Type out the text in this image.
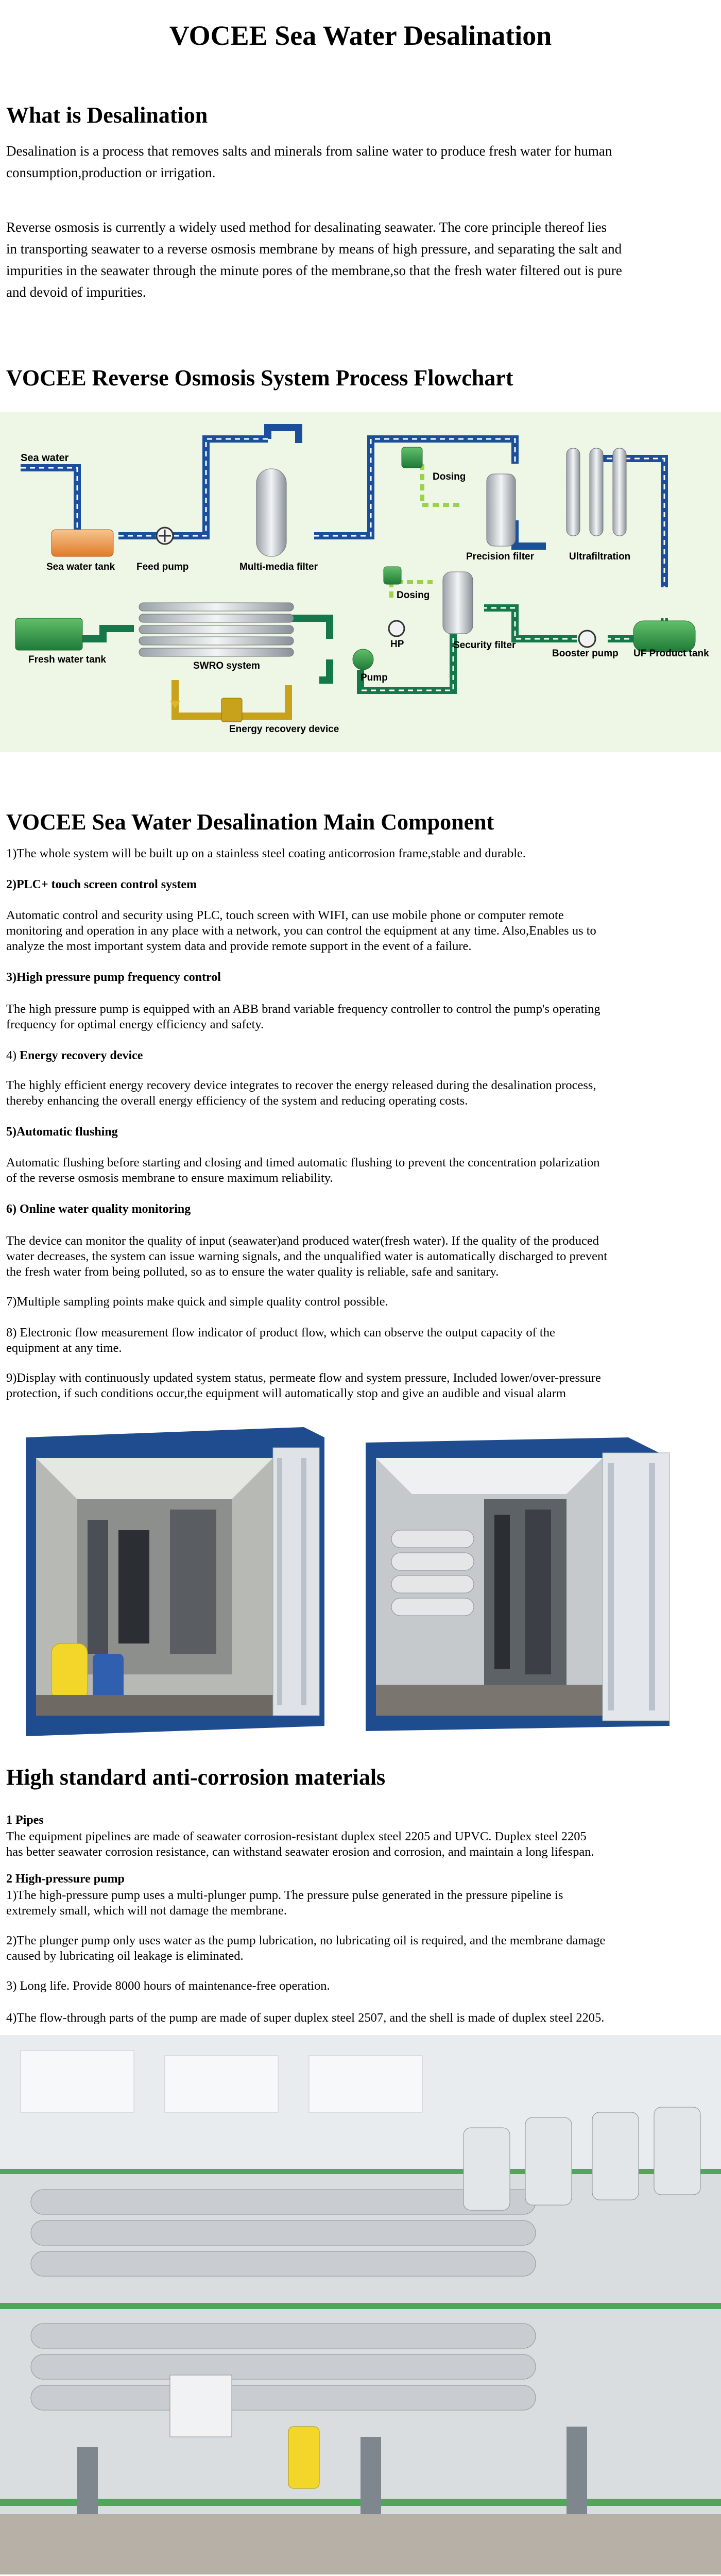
VOCEE Sea Water Desalination
What is Desalination

Desalination is a process that removes salts and minerals from saline water to produce fresh water for human
consumption,production or irrigation.

Reverse osmosis is currently a widely used method for desalinating seawater. The core principle thereof lies
in transporting seawater to a reverse osmosis membrane by means of high pressure, and separating the salt and
impurities in the seawater through the minute pores of the membrane,so that the fresh water filtered out is pure
and devoid of impurities.

VOCEE Reverse Osmosis System Process Flowchart
Sea water
Sea water tank Feed pump	Multi-media filter
Dosing
Precision filter	Ultrafiltration
Fresh water tank
SWRO system
Dosing
HP
Pump
Security filter
Booster pump UF Product tank
Energy recovery device
VOCEE Sea Water Desalination Main Component

1)The whole system will be built up on a stainless steel coating anticorrosion frame,stable and durable.

2)PLC+ touch screen control system

Automatic control and security using PLC, touch screen with WIFI, can use mobile phone or computer remote
monitoring and operation in any place with a network, you can control the equipment at any time. Also,Enables us to
analyze the most important system data and provide remote support in the event of a failure.

3)High pressure pump frequency control

The high pressure pump is equipped with an ABB brand variable frequency controller to control the pump's operating
frequency for optimal energy efficiency and safety.

4) Energy recovery device

The highly efficient energy recovery device integrates to recover the energy released during the desalination process,
thereby enhancing the overall energy efficiency of the system and reducing operating costs.

5)Automatic flushing

Automatic flushing before starting and closing and timed automatic flushing to prevent the concentration polarization
of the reverse osmosis membrane to ensure maximum reliability.

6) Online water quality monitoring

The device can monitor the quality of input (seawater)and produced water(fresh water). If the quality of the produced
water decreases, the system can issue warning signals, and the unqualified water is automatically discharged to prevent
the fresh water from being polluted, so as to ensure the water quality is reliable, safe and sanitary.

7)Multiple sampling points make quick and simple quality control possible.

8) Electronic flow measurement flow indicator of product flow, which can observe the output capacity of the
equipment at any time.

9)Display with continuously updated system status, permeate flow and system pressure, Included lower/over-pressure
protection, if such conditions occur,the equipment will automatically stop and give an audible and visual alarm

High standard anti-corrosion materials

1 Pipes

The equipment pipelines are made of seawater corrosion-resistant duplex steel 2205 and UPVC. Duplex steel 2205
has better seawater corrosion resistance, can withstand seawater erosion and corrosion, and maintain a long lifespan.

2 High-pressure pump

1)The high-pressure pump uses a multi-plunger pump. The pressure pulse generated in the pressure pipeline is
extremely small, which will not damage the membrane.

2)The plunger pump only uses water as the pump lubrication, no lubricating oil is required, and the membrane damage
caused by lubricating oil leakage is eliminated.

3) Long life. Provide 8000 hours of maintenance-free operation.

4)The flow-through parts of the pump are made of super duplex steel 2507, and the shell is made of duplex steel 2205.
